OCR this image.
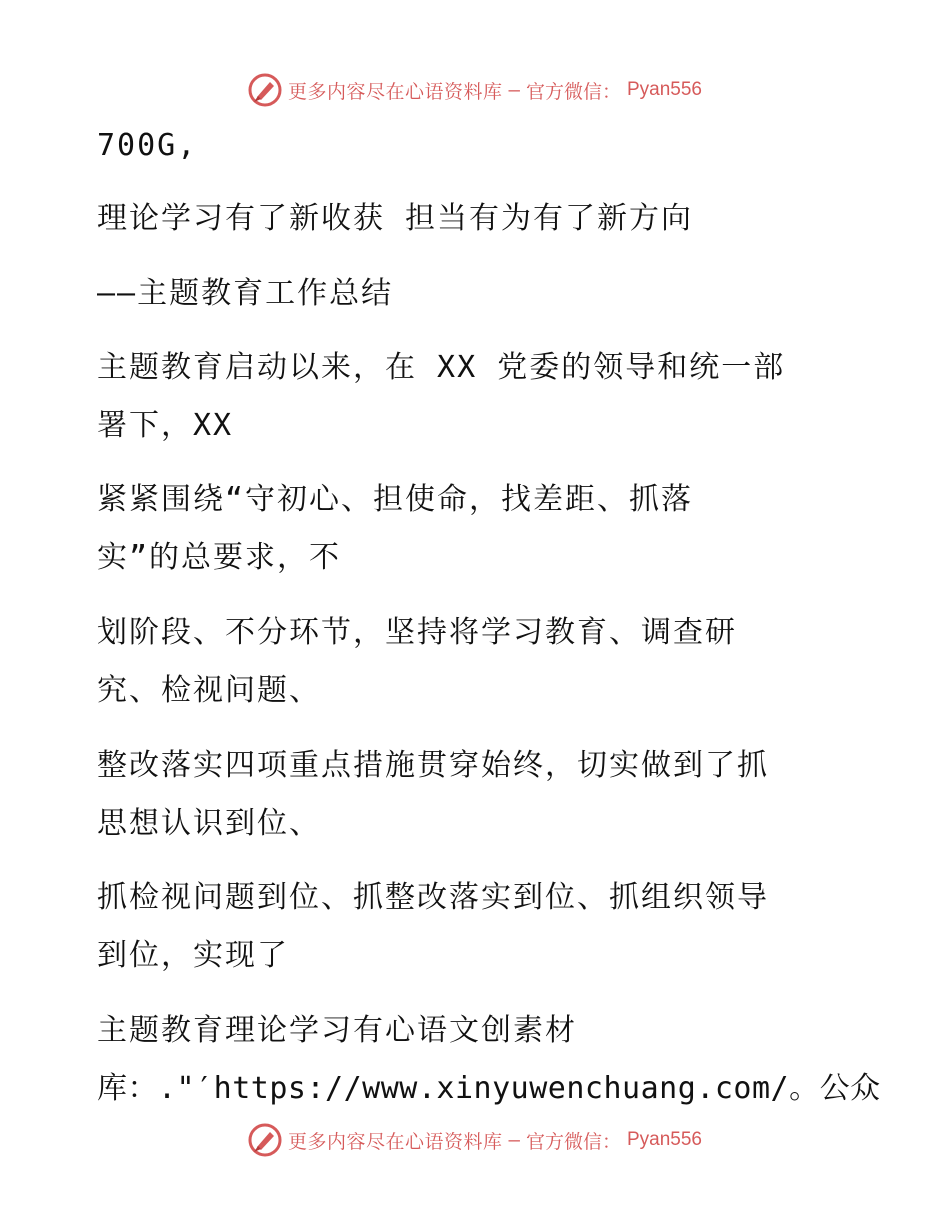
更多内容尽在心语资料库 — 官方微信： Pyan556
700G,
理论学习有了新收获 担当有为有了新方向
——主题教育工作总结
主题教育启动以来，在 XX 党委的领导和统一部
署下，XX
紧紧围绕“守初心、担使命，找差距、抓落
实”的总要求，不
划阶段、不分环节，坚持将学习教育、调查研
究、检视问题、
整改落实四项重点措施贯穿始终，切实做到了抓
思想认识到位、
抓检视问题到位、抓整改落实到位、抓组织领导
到位，实现了
主题教育理论学习有心语文创素材
库：."′https://www.xinyuwenchuang.com/。公众
更多内容尽在心语资料库 — 官方微信： Pyan556
